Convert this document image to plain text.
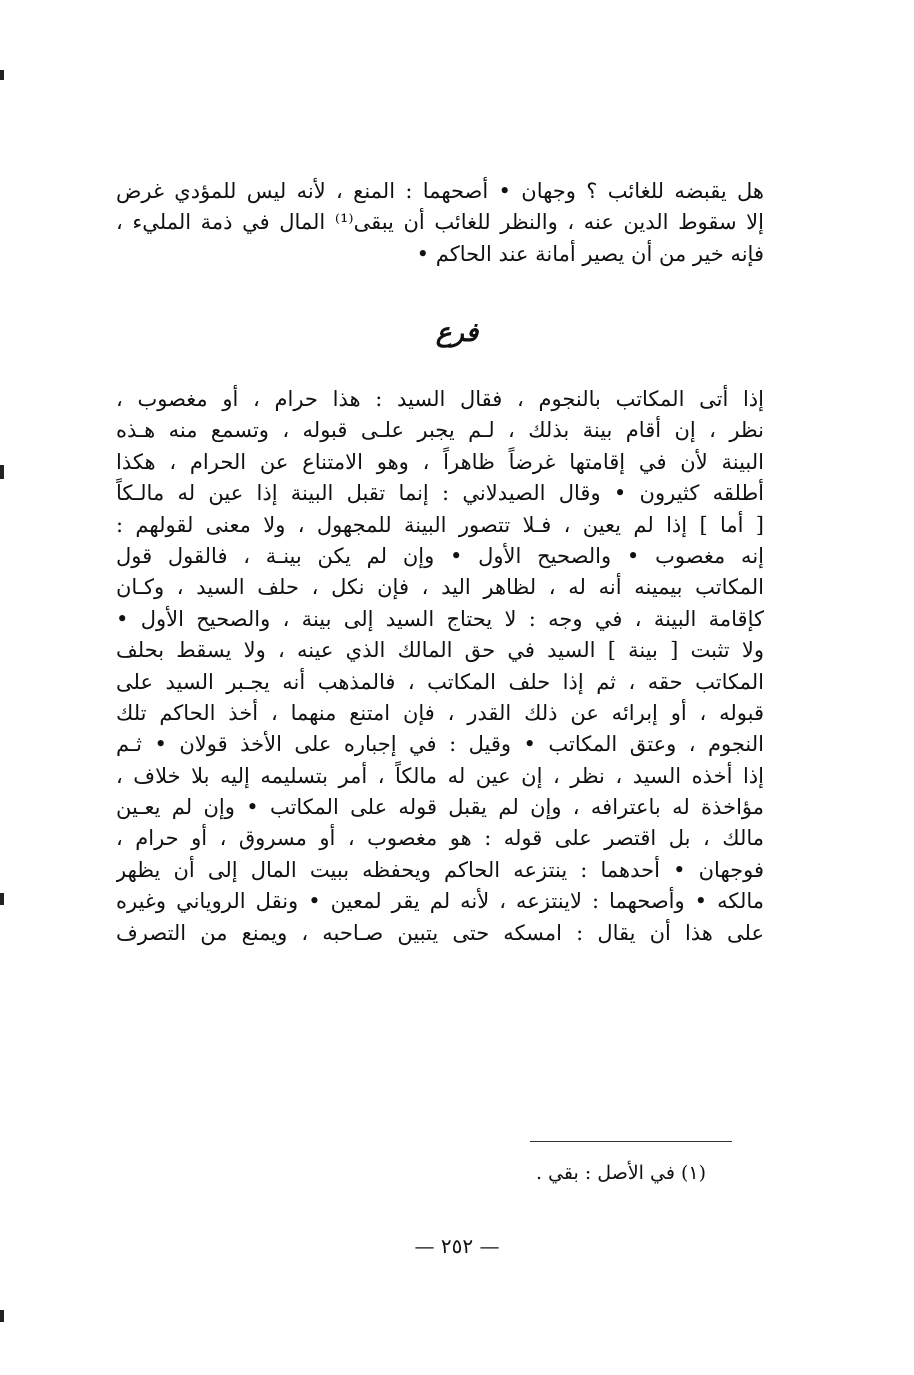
هل يقبضه للغائب ؟ وجهان • أصحهما : المنع ، لأنه ليس للمؤدي غرض
إلا سقوط الدين عنه ، والنظر للغائب أن يبقى⁽¹⁾ المال في ذمة المليء ،
فإنه خير من أن يصير أمانة عند الحاكم •

فرع

إذا أتى المكاتب بالنجوم ، فقال السيد : هذا حرام ، أو مغصوب ،
نظر ، إن أقام بينة بذلك ، لـم يجبر علـى قبوله ، وتسمع منه هـذه
البينة لأن في إقامتها غرضاً ظاهراً ، وهو الامتناع عن الحرام ، هكذا
أطلقه كثيرون • وقال الصيدلاني : إنما تقبل البينة إذا عين له مالـكاً
[ أما ] إذا لم يعين ، فـلا تتصور البينة للمجهول ، ولا معنى لقولهم :
إنه مغصوب • والصحيح الأول • وإن لم يكن بينـة ، فالقول قول
المكاتب بيمينه أنه له ، لظاهر اليد ، فإن نكل ، حلف السيد ، وكـان
كإقامة البينة ، في وجه : لا يحتاج السيد إلى بينة ، والصحيح الأول •
ولا تثبت [ بينة ] السيد في حق المالك الذي عينه ، ولا يسقط بحلف
المكاتب حقه ، ثم إذا حلف المكاتب ، فالمذهب أنه يجـبر السيد على
قبوله ، أو إبرائه عن ذلك القدر ، فإن امتنع منهما ، أخذ الحاكم تلك
النجوم ، وعتق المكاتب • وقيل : في إجباره على الأخذ قولان • ثـم
إذا أخذه السيد ، نظر ، إن عين له مالكاً ، أمر بتسليمه إليه بلا خلاف ،
مؤاخذة له باعترافه ، وإن لم يقبل قوله على المكاتب • وإن لم يعـين
مالك ، بل اقتصر على قوله : هو مغصوب ، أو مسروق ، أو حرام ،
فوجهان • أحدهما : ينتزعه الحاكم ويحفظه ببيت المال إلى أن يظهر
مالكه • وأصحهما : لاينتزعه ، لأنه لم يقر لمعين • ونقل الروياني وغيره
على هذا أن يقال : امسكه حتى يتبين صـاحبه ، ويمنع من التصرف

(١) في الأصل : بقي .
— ٢٥٢ —
